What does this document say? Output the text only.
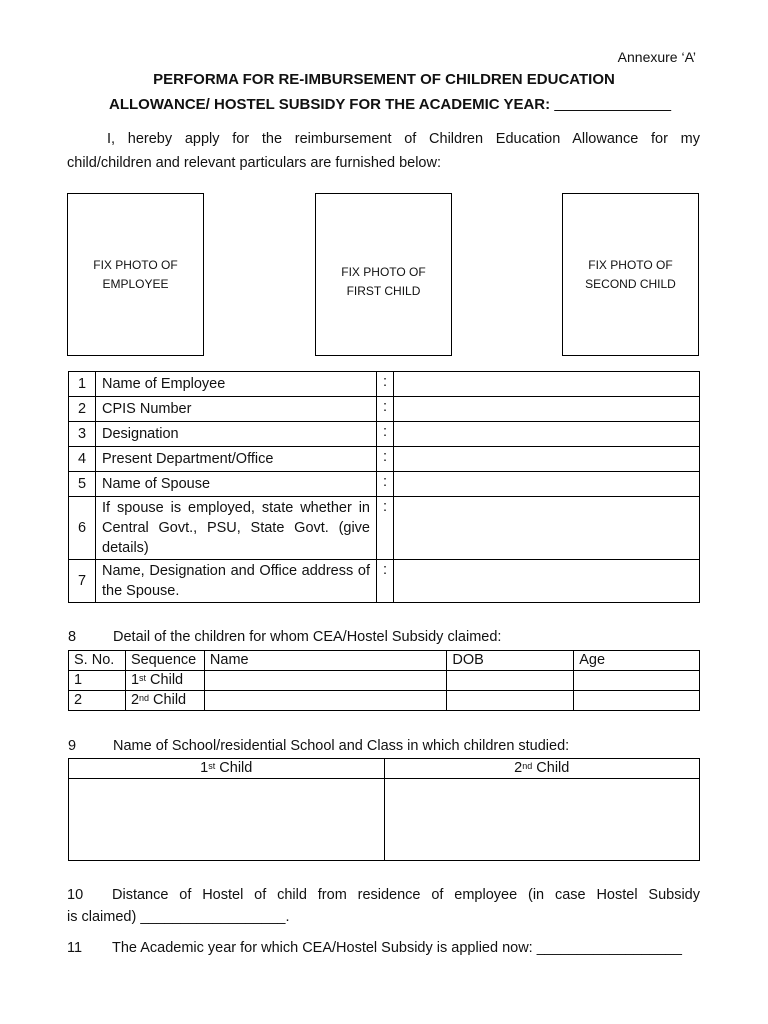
Annexure ‘A’
PERFORMA FOR RE-IMBURSEMENT OF CHILDREN EDUCATION
ALLOWANCE/ HOSTEL SUBSIDY FOR THE ACADEMIC YEAR: ______________
I, hereby apply for the reimbursement of Children Education Allowance for my
child/children and relevant particulars are furnished below:
FIX PHOTO OF
EMPLOYEE
FIX PHOTO OF
FIRST CHILD
FIX PHOTO OF
SECOND CHILD
1	Name of Employee	:	
2	CPIS Number	:	
3	Designation	:	
4	Present Department/Office	:	
5	Name of Spouse	:	
6	If spouse is employed, state whether in Central Govt., PSU, State Govt. (give details)	:	
7	Name, Designation and Office address of the Spouse.	:	
8	Detail of the children for whom CEA/Hostel Subsidy claimed:
S. No.	Sequence	Name	DOB	Age
1	1st Child			
2	2nd Child			
9	Name of School/residential School and Class in which children studied:
1st Child	2nd Child

10 Distance of Hostel of child from residence of employee (in case Hostel Subsidy
is claimed) __________________.
11 The Academic year for which CEA/Hostel Subsidy is applied now: __________________
